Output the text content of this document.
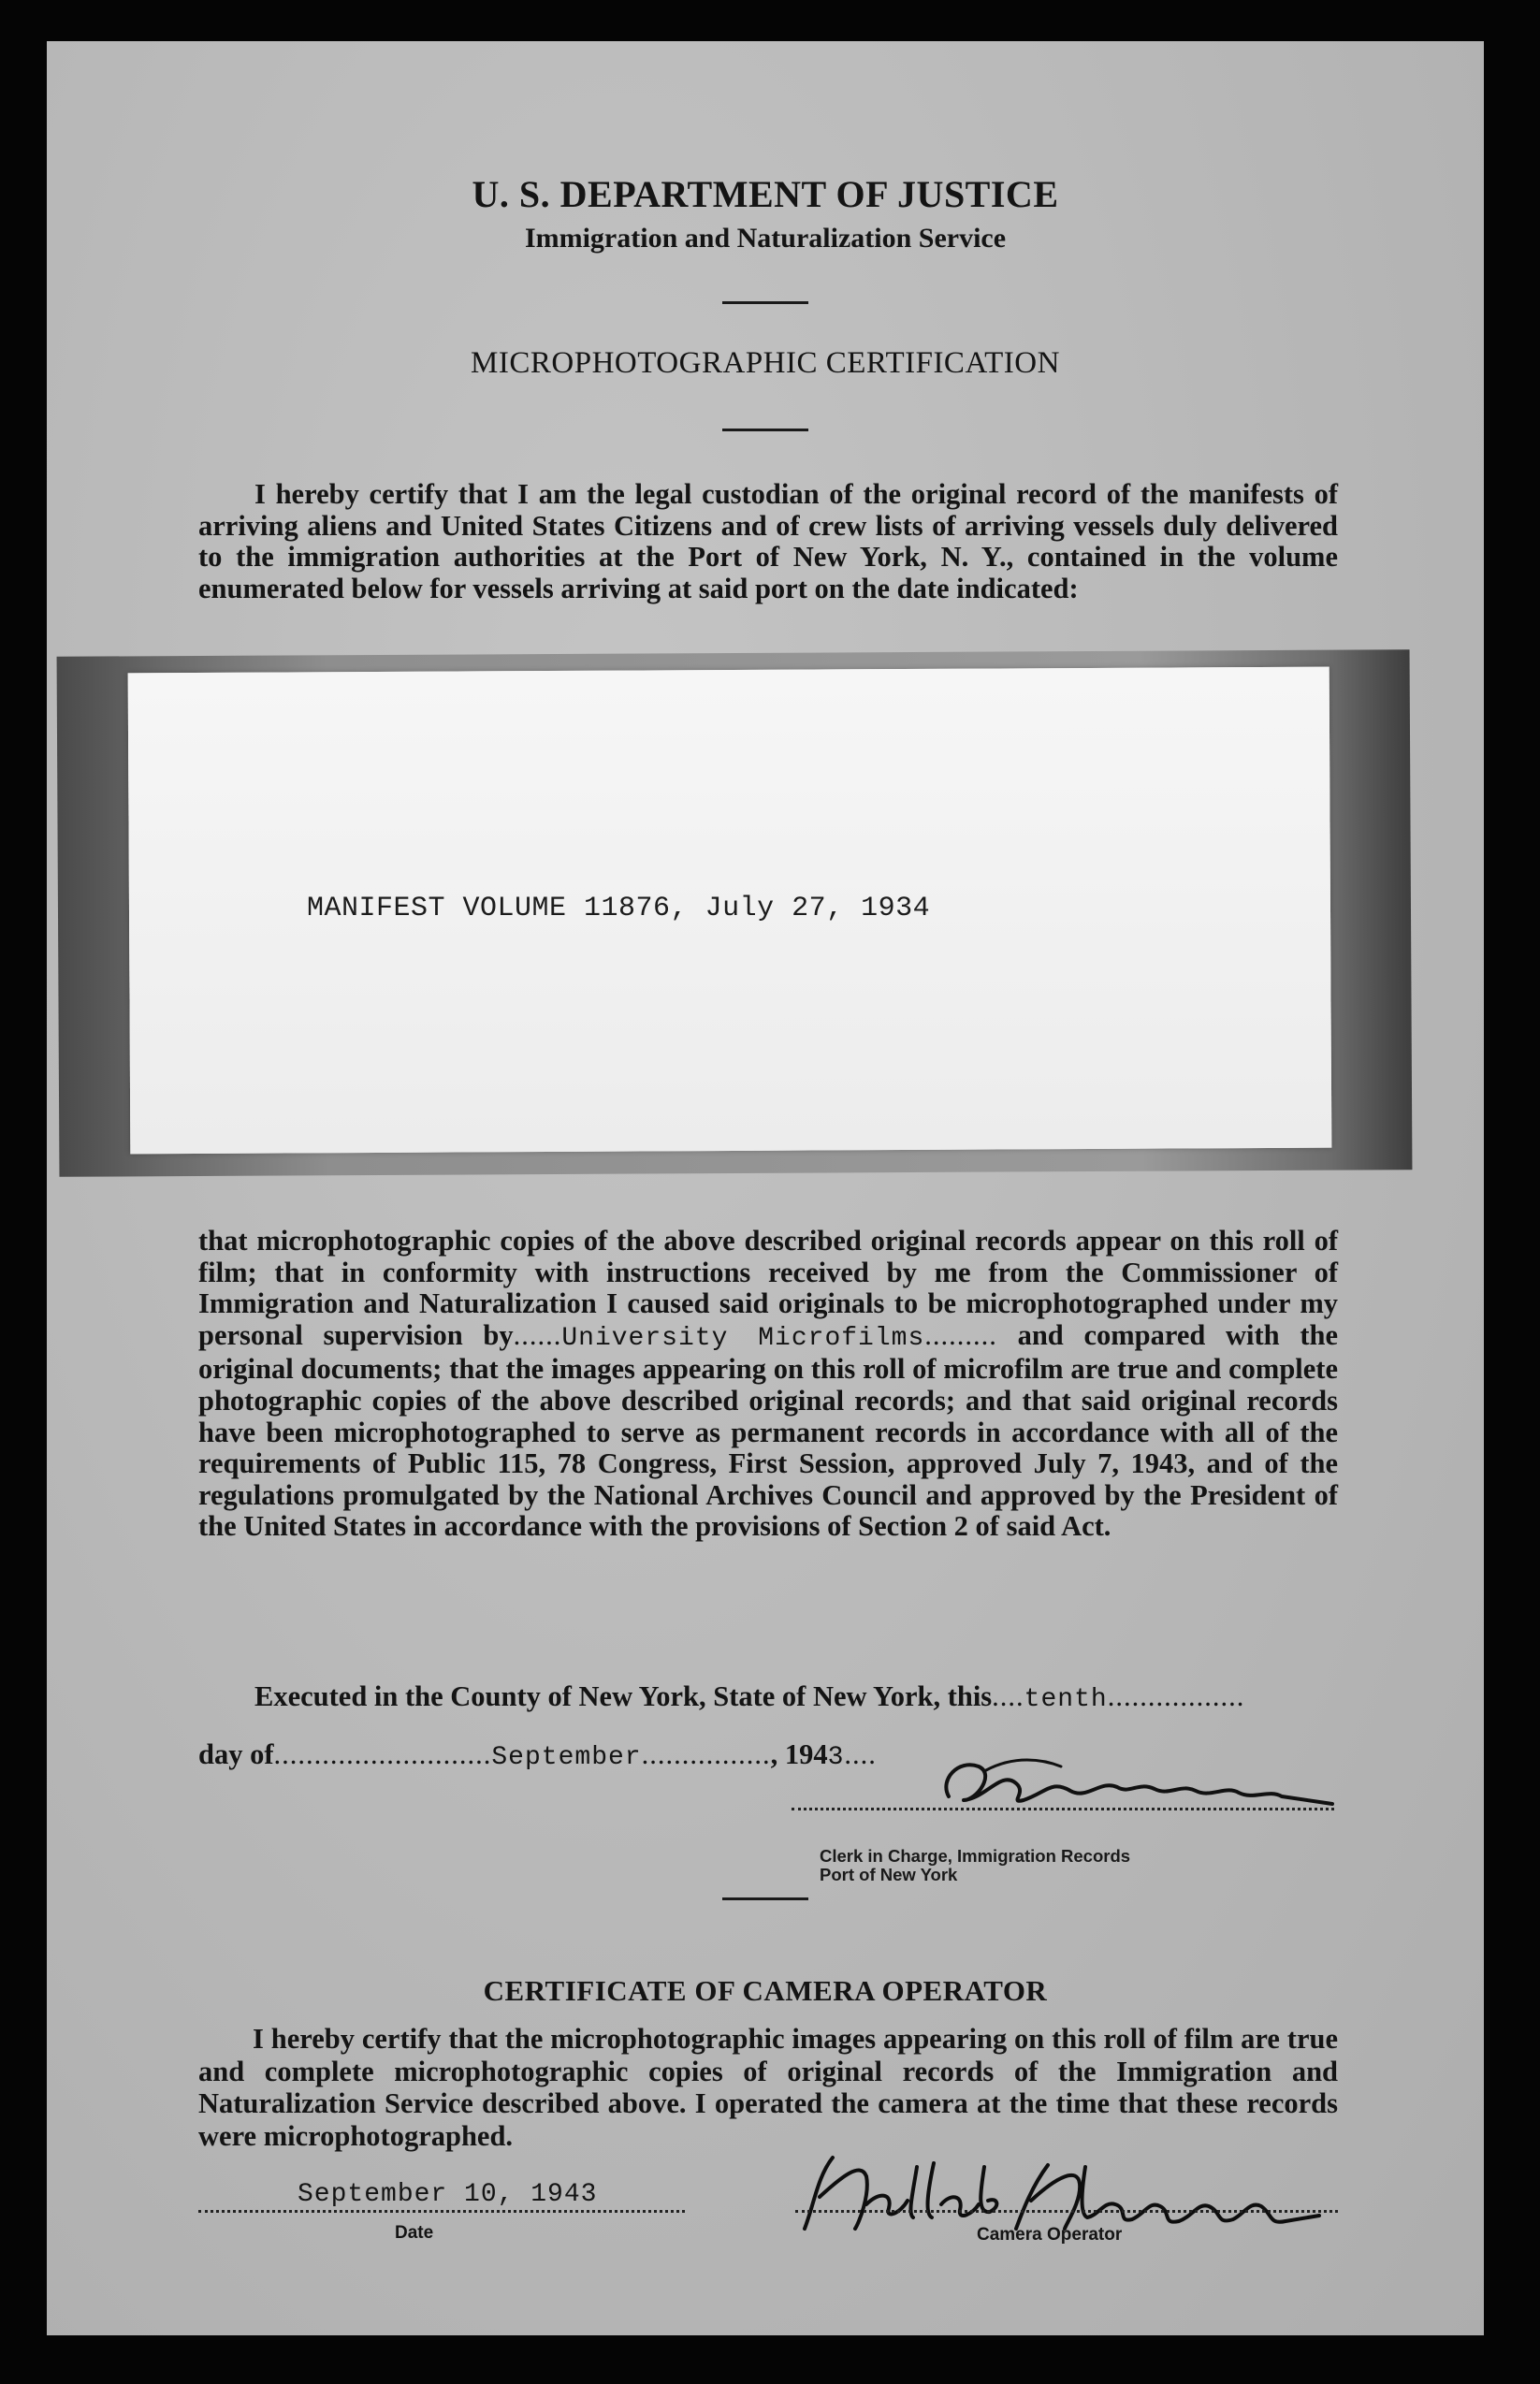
U. S. DEPARTMENT OF JUSTICE
Immigration and Naturalization Service
MICROPHOTOGRAPHIC CERTIFICATION
I hereby certify that I am the legal custodian of the original record of the manifests of arriving aliens and United States Citizens and of crew lists of arriving vessels duly delivered to the immigration authorities at the Port of New York, N. Y., contained in the volume enumerated below for vessels arriving at said port on the date indicated:
MANIFEST VOLUME 11876, July 27, 1934
that microphotographic copies of the above described original records appear on this roll of film; that in conformity with instructions received by me from the Commissioner of Immigration and Naturalization I caused said originals to be microphotographed under my personal supervision by......University Microfilms......... and compared with the original documents; that the images appearing on this roll of microfilm are true and complete photographic copies of the above described original records; and that said original records have been microphotographed to serve as permanent records in accordance with all of the requirements of Public 115, 78 Congress, First Session, approved July 7, 1943, and of the regulations promulgated by the National Archives Council and approved by the President of the United States in accordance with the provisions of Section 2 of said Act.
Executed in the County of New York, State of New York, this....tenth.................
day of...........................September................, 1943....
Clerk in Charge, Immigration Records
Port of New York
CERTIFICATE OF CAMERA OPERATOR
I hereby certify that the microphotographic images appearing on this roll of film are true and complete microphotographic copies of original records of the Immigration and Naturalization Service described above. I operated the camera at the time that these records were microphotographed.
September 10, 1943
Date	Camera Operator
